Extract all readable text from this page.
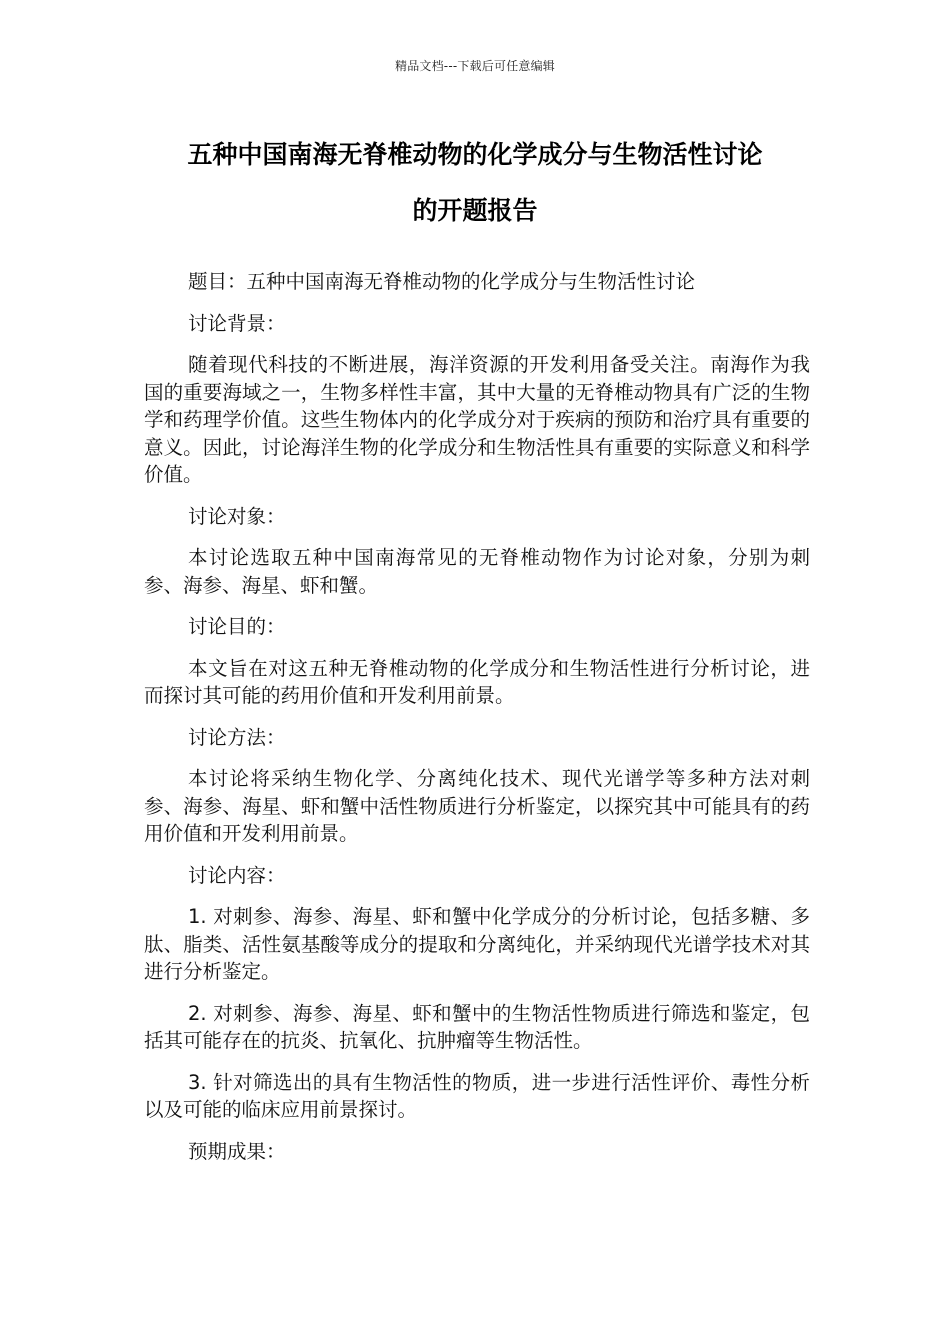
精品文档---下载后可任意编辑
五种中国南海无脊椎动物的化学成分与生物活性讨论
的开题报告

题目：五种中国南海无脊椎动物的化学成分与生物活性讨论

讨论背景：

随着现代科技的不断进展，海洋资源的开发利用备受关注。南海作为我国的重要海域之一，生物多样性丰富，其中大量的无脊椎动物具有广泛的生物学和药理学价值。这些生物体内的化学成分对于疾病的预防和治疗具有重要的意义。因此，讨论海洋生物的化学成分和生物活性具有重要的实际意义和科学价值。

讨论对象：

本讨论选取五种中国南海常见的无脊椎动物作为讨论对象，分别为刺参、海参、海星、虾和蟹。

讨论目的：

本文旨在对这五种无脊椎动物的化学成分和生物活性进行分析讨论，进而探讨其可能的药用价值和开发利用前景。

讨论方法：

本讨论将采纳生物化学、分离纯化技术、现代光谱学等多种方法对刺参、海参、海星、虾和蟹中活性物质进行分析鉴定，以探究其中可能具有的药用价值和开发利用前景。

讨论内容：

1. 对刺参、海参、海星、虾和蟹中化学成分的分析讨论，包括多糖、多肽、脂类、活性氨基酸等成分的提取和分离纯化，并采纳现代光谱学技术对其进行分析鉴定。

2. 对刺参、海参、海星、虾和蟹中的生物活性物质进行筛选和鉴定，包括其可能存在的抗炎、抗氧化、抗肿瘤等生物活性。

3. 针对筛选出的具有生物活性的物质，进一步进行活性评价、毒性分析以及可能的临床应用前景探讨。

预期成果：
